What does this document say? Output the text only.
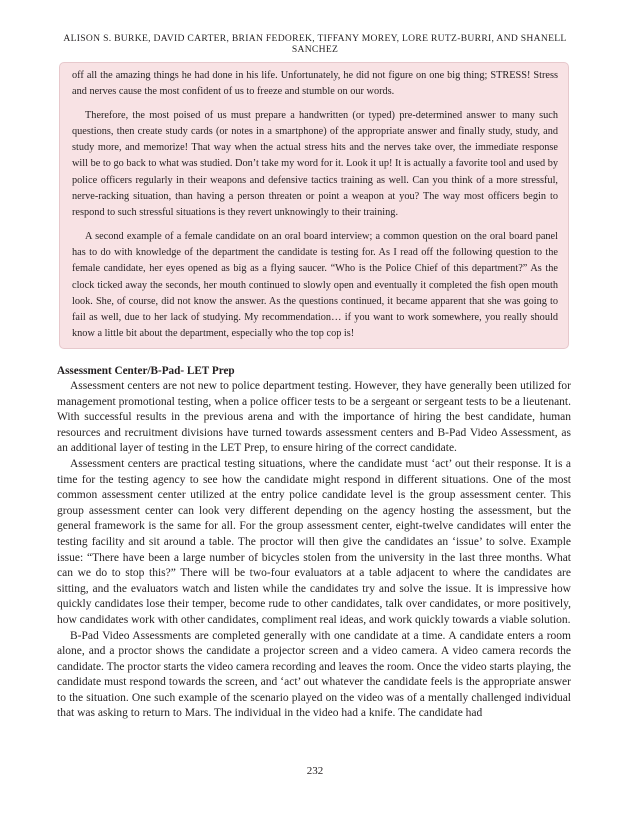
ALISON S. BURKE, DAVID CARTER, BRIAN FEDOREK, TIFFANY MOREY, LORE RUTZ-BURRI, AND SHANELL SANCHEZ

off all the amazing things he had done in his life. Unfortunately, he did not figure on one big thing; STRESS! Stress and nerves cause the most confident of us to freeze and stumble on our words.

Therefore, the most poised of us must prepare a handwritten (or typed) pre-determined answer to many such questions, then create study cards (or notes in a smartphone) of the appropriate answer and finally study, study, and study more, and memorize! That way when the actual stress hits and the nerves take over, the immediate response will be to go back to what was studied. Don’t take my word for it. Look it up! It is actually a favorite tool and used by police officers regularly in their weapons and defensive tactics training as well. Can you think of a more stressful, nerve-racking situation, than having a person threaten or point a weapon at you? The way most officers begin to respond to such stressful situations is they revert unknowingly to their training.

A second example of a female candidate on an oral board interview; a common question on the oral board panel has to do with knowledge of the department the candidate is testing for. As I read off the following question to the female candidate, her eyes opened as big as a flying saucer. “Who is the Police Chief of this department?” As the clock ticked away the seconds, her mouth continued to slowly open and eventually it completed the fish open mouth look. She, of course, did not know the answer. As the questions continued, it became apparent that she was going to fail as well, due to her lack of studying. My recommendation… if you want to work somewhere, you really should know a little bit about the department, especially who the top cop is!

Assessment Center/B-Pad- LET Prep

Assessment centers are not new to police department testing. However, they have generally been utilized for management promotional testing, when a police officer tests to be a sergeant or sergeant tests to be a lieutenant. With successful results in the previous arena and with the importance of hiring the best candidate, human resources and recruitment divisions have turned towards assessment centers and B-Pad Video Assessment, as an additional layer of testing in the LET Prep, to ensure hiring of the correct candidate.

Assessment centers are practical testing situations, where the candidate must ‘act’ out their response. It is a time for the testing agency to see how the candidate might respond in different situations. One of the most common assessment center utilized at the entry police candidate level is the group assessment center. This group assessment center can look very different depending on the agency hosting the assessment, but the general framework is the same for all. For the group assessment center, eight-twelve candidates will enter the testing facility and sit around a table. The proctor will then give the candidates an ‘issue’ to solve. Example issue: “There have been a large number of bicycles stolen from the university in the last three months. What can we do to stop this?” There will be two-four evaluators at a table adjacent to where the candidates are sitting, and the evaluators watch and listen while the candidates try and solve the issue. It is impressive how quickly candidates lose their temper, become rude to other candidates, talk over candidates, or more positively, how candidates work with other candidates, compliment real ideas, and work quickly towards a viable solution.

B-Pad Video Assessments are completed generally with one candidate at a time. A candidate enters a room alone, and a proctor shows the candidate a projector screen and a video camera. A video camera records the candidate. The proctor starts the video camera recording and leaves the room. Once the video starts playing, the candidate must respond towards the screen, and ‘act’ out whatever the candidate feels is the appropriate answer to the situation. One such example of the scenario played on the video was of a mentally challenged individual that was asking to return to Mars. The individual in the video had a knife. The candidate had

232
